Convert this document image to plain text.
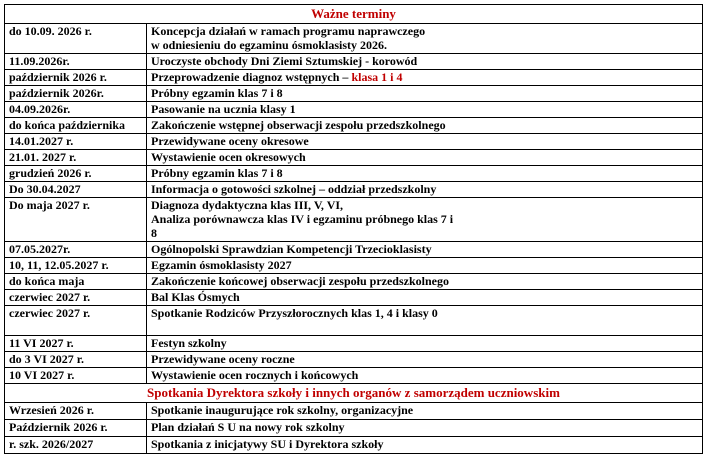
Ważne terminy	
do 10.09. 2026 r.	Koncepcja działań w ramach programu naprawczego
w odniesieniu do egzaminu ósmoklasisty 2026.
11.09.2026r.	Uroczyste obchody Dni Ziemi Sztumskiej - korowód
październik 2026 r.	Przeprowadzenie diagnoz wstępnych – klasa 1 i 4
październik 2026r.	Próbny egzamin klas 7 i 8
04.09.2026r.	Pasowanie na ucznia klasy 1
do końca października	Zakończenie wstępnej obserwacji zespołu przedszkolnego
14.01.2027 r.	Przewidywane oceny okresowe
21.01. 2027 r.	Wystawienie ocen okresowych
grudzień 2026 r.	Próbny egzamin klas 7 i 8
Do 30.04.2027	Informacja o gotowości szkolnej – oddział przedszkolny
Do maja 2027 r.	Diagnoza dydaktyczna klas III, V, VI,
Analiza porównawcza klas IV i egzaminu próbnego klas 7 i
8
07.05.2027r.	Ogólnopolski Sprawdzian Kompetencji Trzecioklasisty
10, 11, 12.05.2027 r.	Egzamin ósmoklasisty 2027
do końca maja	Zakończenie końcowej obserwacji zespołu przedszkolnego
czerwiec 2027 r.	Bal Klas Ósmych
czerwiec 2027 r.	Spotkanie Rodziców Przyszłorocznych klas 1, 4 i klasy 0
11 VI 2027 r.	Festyn szkolny
do 3 VI 2027 r.	Przewidywane oceny roczne
10 VI 2027 r.	Wystawienie ocen rocznych i końcowych
Spotkania Dyrektora szkoły i innych organów z samorządem uczniowskim	
Wrzesień 2026 r.	Spotkanie inaugurujące rok szkolny, organizacyjne
Październik 2026 r.	Plan działań S U na nowy rok szkolny
r. szk. 2026/2027	Spotkania z inicjatywy SU i Dyrektora szkoły
